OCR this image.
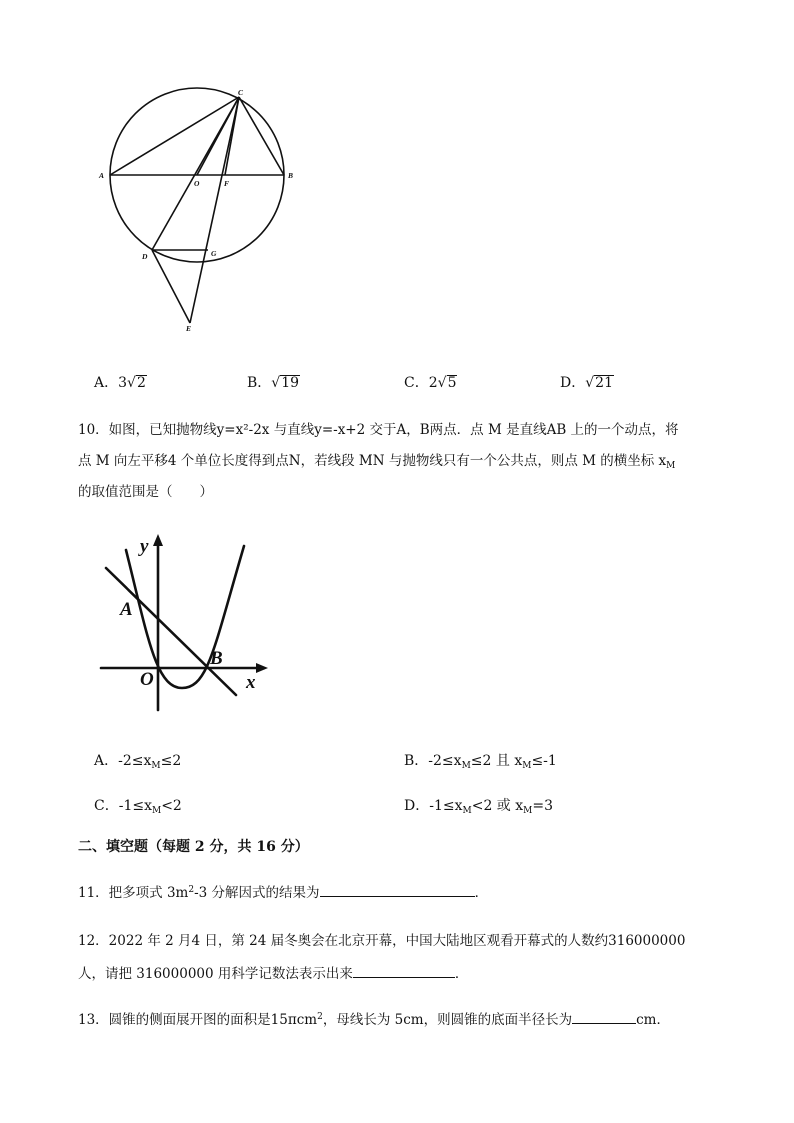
C
A	B
O	F
D	G
E
A．3√2	B．√19	C．2√5	D．√21
10．如图，已知抛物线y=x²-2x 与直线y=-x+2 交于A，B两点．点 M 是直线AB 上的一个动点，将
点 M 向左平移4 个单位长度得到点N，若线段 MN 与抛物线只有一个公共点，则点 M 的横坐标 $x_M$
的取值范围是（　　）
y
x
A
B
O
A．$-2\le x_M\le 2$	B．$-2\le x_M\le 2$ 且 $x_M\le-1$
C．$-1\le x_M<2$	D．$-1\le x_M<2$ 或 $x_M=3$
二、填空题（每题 2 分，共 16 分）
11．把多项式 $3m^2-3$ 分解因式的结果为	．
12．2022 年 2 月4 日，第 24 届冬奥会在北京开幕，中国大陆地区观看开幕式的人数约316000000
人，请把 316000000 用科学记数法表示出来	．
13．圆锥的侧面展开图的面积是15πcm$^2$，母线长为 5cm，则圆锥的底面半径长为	cm．
